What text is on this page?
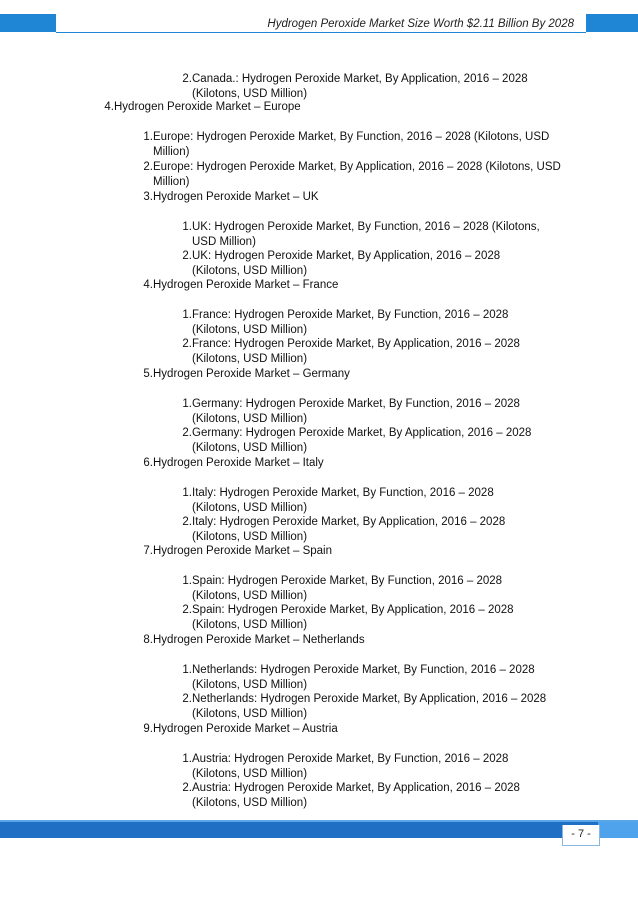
Hydrogen Peroxide Market Size Worth $2.11 Billion By 2028
2. Canada.: Hydrogen Peroxide Market, By Application, 2016 – 2028 (Kilotons, USD Million)
4. Hydrogen Peroxide Market – Europe
1. Europe: Hydrogen Peroxide Market, By Function, 2016 – 2028 (Kilotons, USD Million)
2. Europe: Hydrogen Peroxide Market, By Application, 2016 – 2028 (Kilotons, USD Million)
3. Hydrogen Peroxide Market – UK
1. UK: Hydrogen Peroxide Market, By Function, 2016 – 2028 (Kilotons, USD Million)
2. UK: Hydrogen Peroxide Market, By Application, 2016 – 2028 (Kilotons, USD Million)
4. Hydrogen Peroxide Market – France
1. France: Hydrogen Peroxide Market, By Function, 2016 – 2028 (Kilotons, USD Million)
2. France: Hydrogen Peroxide Market, By Application, 2016 – 2028 (Kilotons, USD Million)
5. Hydrogen Peroxide Market – Germany
1. Germany: Hydrogen Peroxide Market, By Function, 2016 – 2028 (Kilotons, USD Million)
2. Germany: Hydrogen Peroxide Market, By Application, 2016 – 2028 (Kilotons, USD Million)
6. Hydrogen Peroxide Market – Italy
1. Italy: Hydrogen Peroxide Market, By Function, 2016 – 2028 (Kilotons, USD Million)
2. Italy: Hydrogen Peroxide Market, By Application, 2016 – 2028 (Kilotons, USD Million)
7. Hydrogen Peroxide Market – Spain
1. Spain: Hydrogen Peroxide Market, By Function, 2016 – 2028 (Kilotons, USD Million)
2. Spain: Hydrogen Peroxide Market, By Application, 2016 – 2028 (Kilotons, USD Million)
8. Hydrogen Peroxide Market – Netherlands
1. Netherlands: Hydrogen Peroxide Market, By Function, 2016 – 2028 (Kilotons, USD Million)
2. Netherlands: Hydrogen Peroxide Market, By Application, 2016 – 2028 (Kilotons, USD Million)
9. Hydrogen Peroxide Market – Austria
1. Austria: Hydrogen Peroxide Market, By Function, 2016 – 2028 (Kilotons, USD Million)
2. Austria: Hydrogen Peroxide Market, By Application, 2016 – 2028 (Kilotons, USD Million)
- 7 -
